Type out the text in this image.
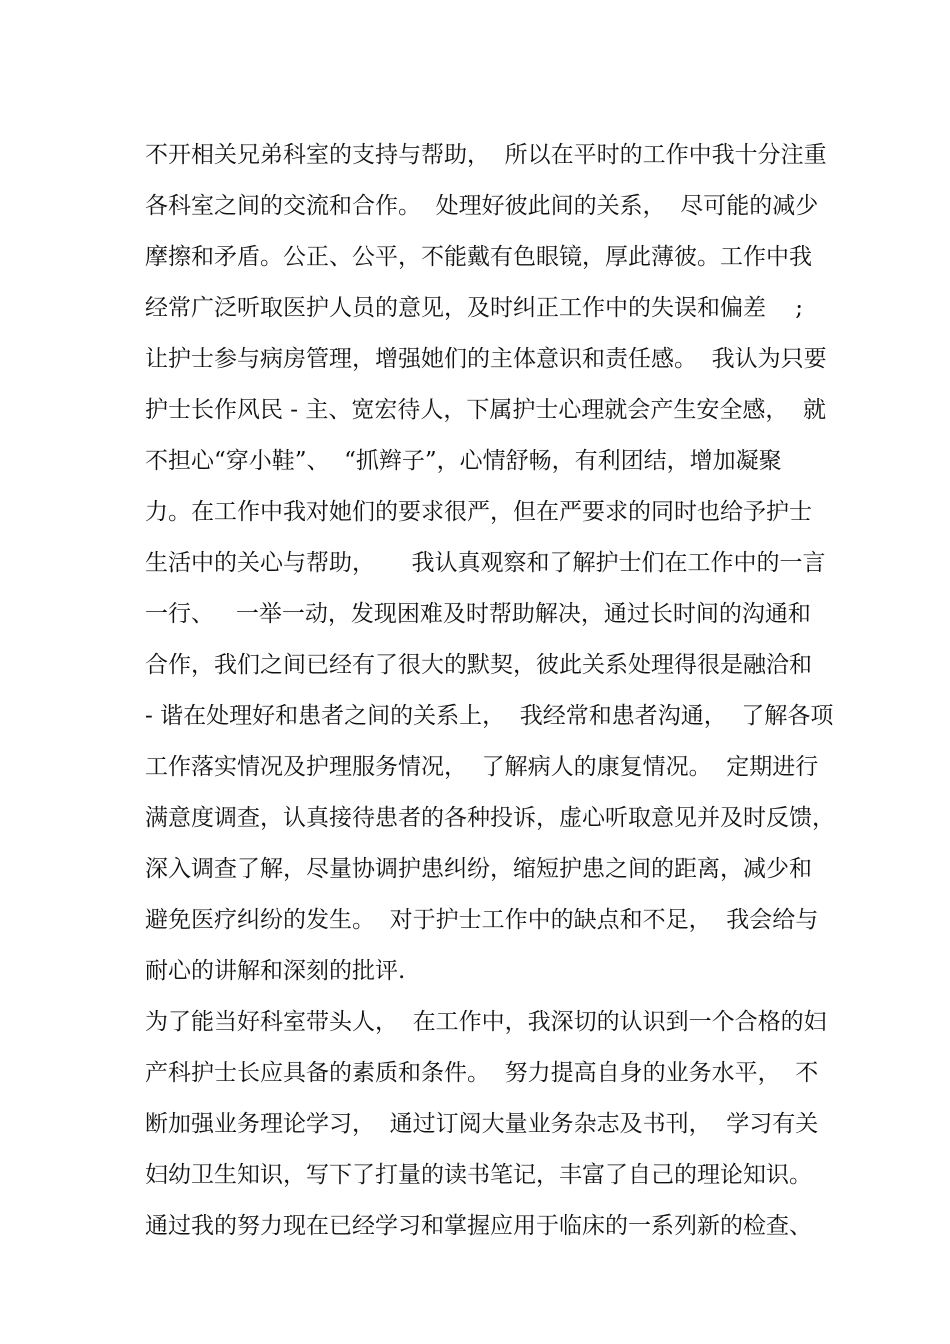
不开相关兄弟科室的支持与帮助，  所以在平时的工作中我十分注重
各科室之间的交流和合作。  处理好彼此间的关系，  尽可能的减少
摩擦和矛盾。公正、公平，不能戴有色眼镜，厚此薄彼。工作中我
经常广泛听取医护人员的意见，及时纠正工作中的失误和偏差    ;
让护士参与病房管理，增强她们的主体意识和责任感。  我认为只要
护士长作风民 - 主、宽宏待人，下属护士心理就会产生安全感，  就
不担心“穿小鞋”、  “抓辫子”，心情舒畅，有利团结，增加凝聚
力。在工作中我对她们的要求很严，但在严要求的同时也给予护士
生活中的关心与帮助，     我认真观察和了解护士们在工作中的一言
一行、   一举一动，发现困难及时帮助解决，通过长时间的沟通和
合作，我们之间已经有了很大的默契，彼此关系处理得很是融洽和
- 谐在处理好和患者之间的关系上，  我经常和患者沟通，  了解各项
工作落实情况及护理服务情况，  了解病人的康复情况。  定期进行
满意度调查，认真接待患者的各种投诉，虚心听取意见并及时反馈，
深入调查了解，尽量协调护患纠纷，缩短护患之间的距离，减少和
避免医疗纠纷的发生。  对于护士工作中的缺点和不足，  我会给与
耐心的讲解和深刻的批评.
为了能当好科室带头人，  在工作中，我深切的认识到一个合格的妇
产科护士长应具备的素质和条件。  努力提高自身的业务水平，  不
断加强业务理论学习，  通过订阅大量业务杂志及书刊，  学习有关
妇幼卫生知识，写下了打量的读书笔记，丰富了自己的理论知识。
通过我的努力现在已经学习和掌握应用于临床的一系列新的检查、
